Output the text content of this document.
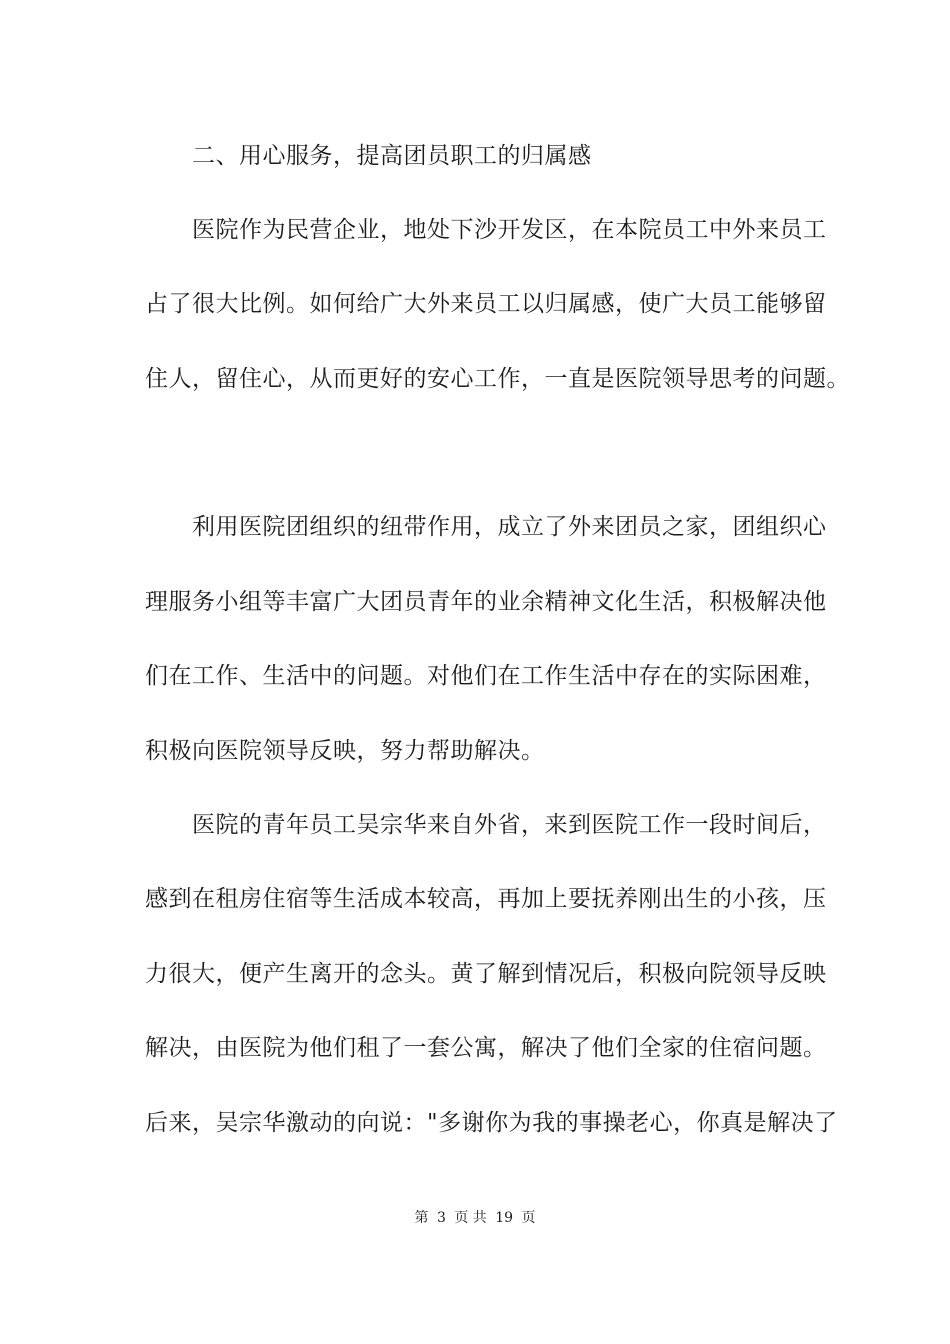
二、用心服务，提高团员职工的归属感
医院作为民营企业，地处下沙开发区，在本院员工中外来员工
占了很大比例。如何给广大外来员工以归属感，使广大员工能够留
住人，留住心，从而更好的安心工作，一直是医院领导思考的问题。
利用医院团组织的纽带作用，成立了外来团员之家，团组织心
理服务小组等丰富广大团员青年的业余精神文化生活，积极解决他
们在工作、生活中的问题。对他们在工作生活中存在的实际困难，
积极向医院领导反映，努力帮助解决。
医院的青年员工吴宗华来自外省，来到医院工作一段时间后，
感到在租房住宿等生活成本较高，再加上要抚养刚出生的小孩，压
力很大，便产生离开的念头。黄了解到情况后，积极向院领导反映
解决，由医院为他们租了一套公寓，解决了他们全家的住宿问题。
后来，吴宗华激动的向说："多谢你为我的事操老心，你真是解决了
第 3 页 共 19 页
